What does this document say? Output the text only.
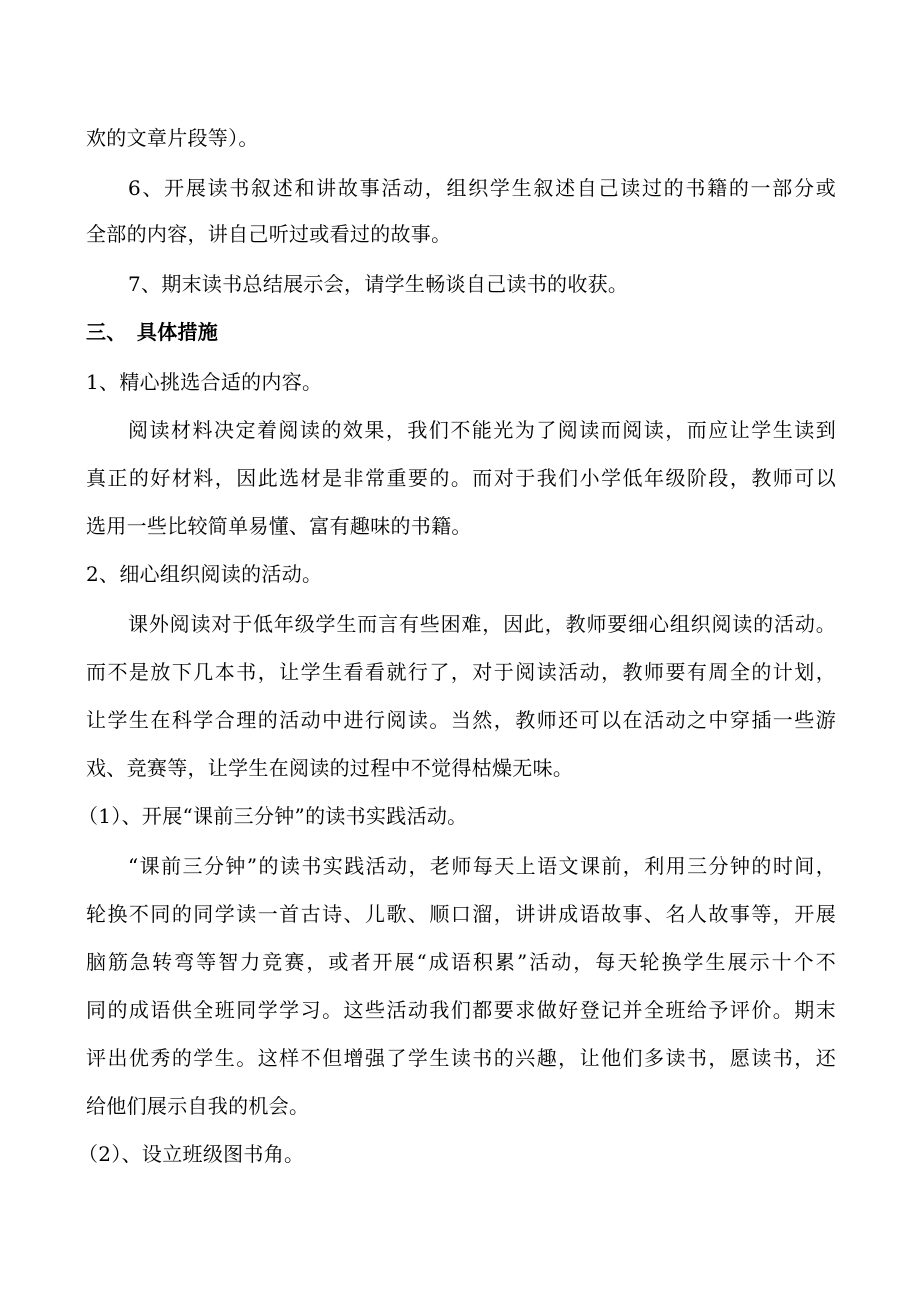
欢的文章片段等）。
6、开展读书叙述和讲故事活动，组织学生叙述自己读过的书籍的一部分或
全部的内容，讲自己听过或看过的故事。
7、期末读书总结展示会，请学生畅谈自己读书的收获。
三、　具体措施
1、精心挑选合适的内容。
阅读材料决定着阅读的效果，我们不能光为了阅读而阅读，而应让学生读到
真正的好材料，因此选材是非常重要的。而对于我们小学低年级阶段，教师可以
选用一些比较简单易懂、富有趣味的书籍。
2、细心组织阅读的活动。
课外阅读对于低年级学生而言有些困难，因此，教师要细心组织阅读的活动。
而不是放下几本书，让学生看看就行了，对于阅读活动，教师要有周全的计划，
让学生在科学合理的活动中进行阅读。当然，教师还可以在活动之中穿插一些游
戏、竞赛等，让学生在阅读的过程中不觉得枯燥无味。
（1）、开展“课前三分钟”的读书实践活动。
“课前三分钟”的读书实践活动，老师每天上语文课前，利用三分钟的时间，
轮换不同的同学读一首古诗、儿歌、顺口溜，讲讲成语故事、名人故事等，开展
脑筋急转弯等智力竞赛，或者开展“成语积累”活动，每天轮换学生展示十个不
同的成语供全班同学学习。这些活动我们都要求做好登记并全班给予评价。期末
评出优秀的学生。这样不但增强了学生读书的兴趣，让他们多读书，愿读书，还
给他们展示自我的机会。
（2）、设立班级图书角。
